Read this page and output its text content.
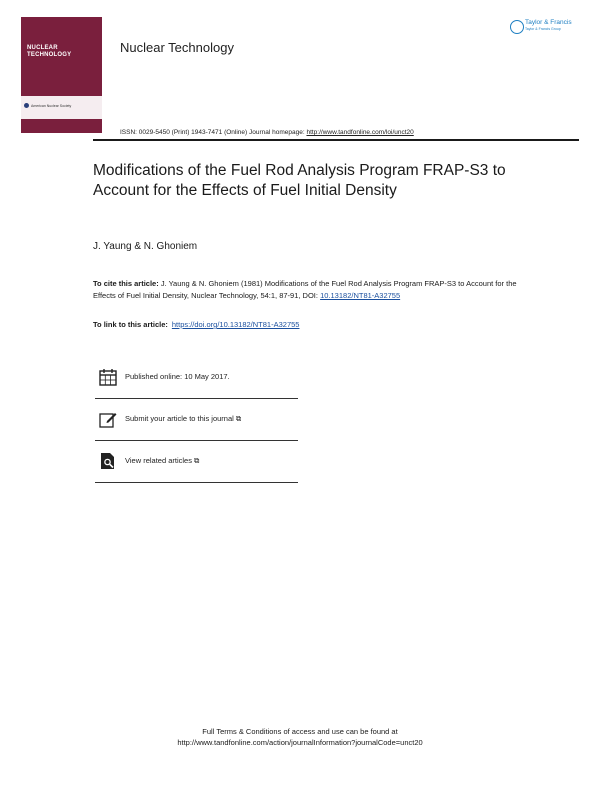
NUCLEAR
TECHNOLOGY
American Nuclear Society
Nuclear Technology
Taylor & Francis
Taylor & Francis Group
ISSN: 0029-5450 (Print) 1943-7471 (Online) Journal homepage: http://www.tandfonline.com/loi/unct20
Modifications of the Fuel Rod Analysis Program FRAP-S3 to Account for the Effects of Fuel Initial Density
J. Yaung & N. Ghoniem
To cite this article: J. Yaung & N. Ghoniem (1981) Modifications of the Fuel Rod Analysis Program FRAP-S3 to Account for the Effects of Fuel Initial Density, Nuclear Technology, 54:1, 87-91, DOI: 10.13182/NT81-A32755
To link to this article: https://doi.org/10.13182/NT81-A32755
Published online: 10 May 2017.
Submit your article to this journal ⧉
View related articles ⧉
Full Terms & Conditions of access and use can be found at
http://www.tandfonline.com/action/journalInformation?journalCode=unct20
